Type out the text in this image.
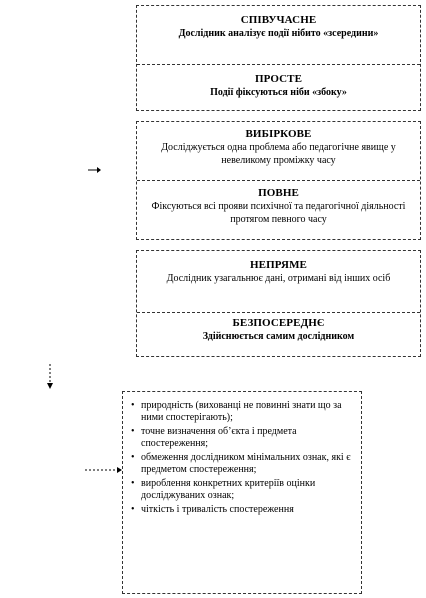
СПІВУЧАСНЕ
Дослідник аналізує події нiбито «зсередини»
ПРОСТЕ
Події фіксуються ніби «збоку»
ВИБІРКОВЕ
Досліджується одна проблема або педагогічне явище у невеликому проміжку часу
ПОВНЕ
Фіксуються всі прояви психічної та педагогічної діяльності протягом певного часу
НЕПРЯМЕ
Дослідник узагальнює дані, отримані від інших осіб
БЕЗПОСЕРЕДНЄ
Здійснюється самим дослідником
• природність (вихованці не повинні знати що за ними спостерігають);
• точне визначення об’єкта і предмета спостереження;
• обмеження дослідником мінімальних ознак, які є предметом спостереження;
• вироблення конкретних критеріїв оцінки досліджуваних ознак;
• чіткість і тривалість спостереження
